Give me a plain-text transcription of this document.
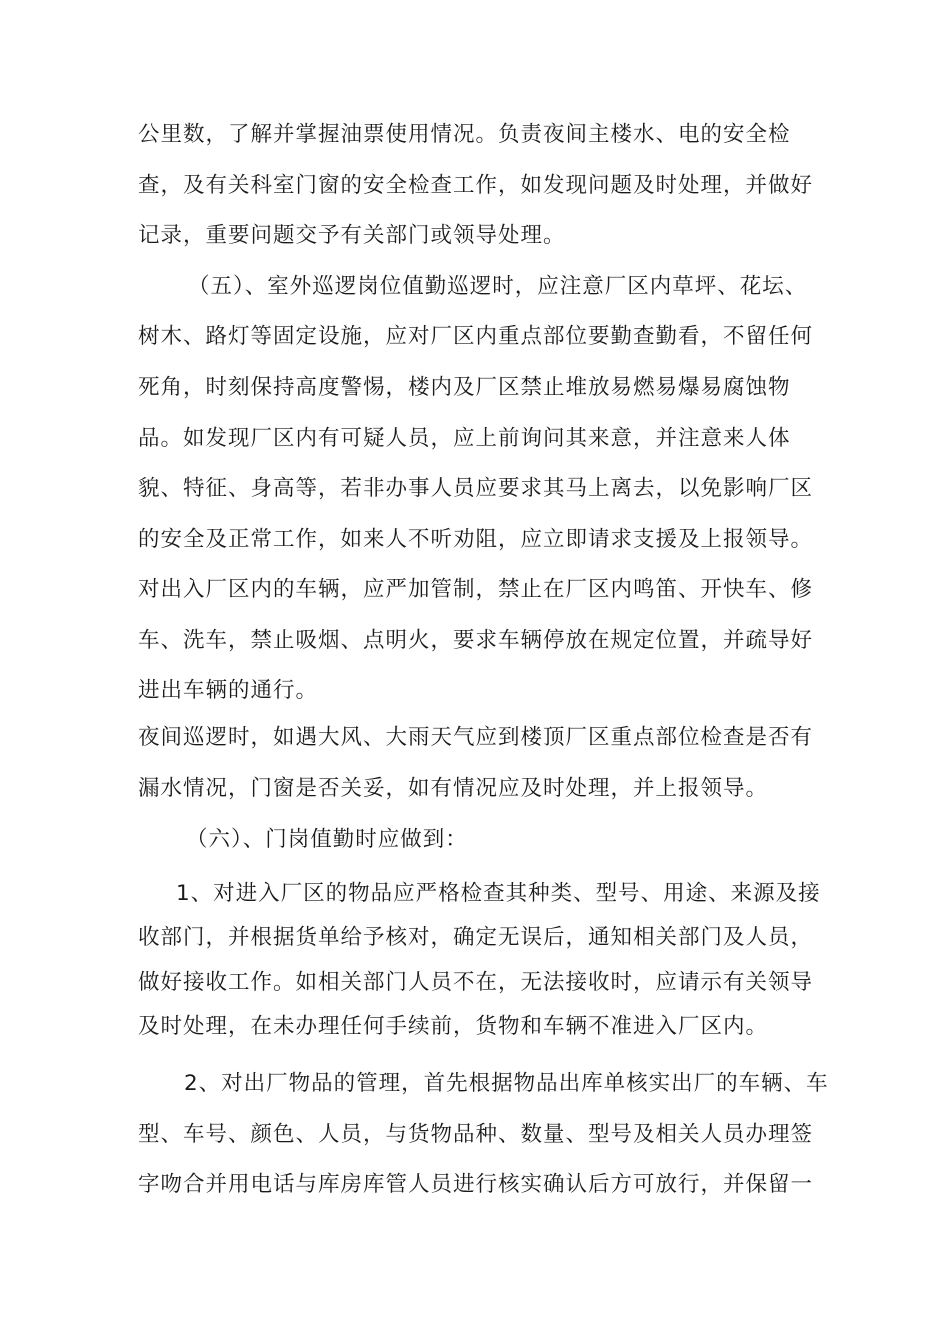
公里数，了解并掌握油票使用情况。负责夜间主楼水、电的安全检
查，及有关科室门窗的安全检查工作，如发现问题及时处理，并做好
记录，重要问题交予有关部门或领导处理。
（五）、室外巡逻岗位值勤巡逻时，应注意厂区内草坪、花坛、
树木、路灯等固定设施，应对厂区内重点部位要勤查勤看，不留任何
死角，时刻保持高度警惕，楼内及厂区禁止堆放易燃易爆易腐蚀物
品。如发现厂区内有可疑人员，应上前询问其来意，并注意来人体
貌、特征、身高等，若非办事人员应要求其马上离去，以免影响厂区
的安全及正常工作，如来人不听劝阻，应立即请求支援及上报领导。
对出入厂区内的车辆，应严加管制，禁止在厂区内鸣笛、开快车、修
车、洗车，禁止吸烟、点明火，要求车辆停放在规定位置，并疏导好
进出车辆的通行。
夜间巡逻时，如遇大风、大雨天气应到楼顶厂区重点部位检查是否有
漏水情况，门窗是否关妥，如有情况应及时处理，并上报领导。
（六）、门岗值勤时应做到：
1、对进入厂区的物品应严格检查其种类、型号、用途、来源及接
收部门，并根据货单给予核对，确定无误后，通知相关部门及人员，
做好接收工作。如相关部门人员不在，无法接收时，应请示有关领导
及时处理，在未办理任何手续前，货物和车辆不准进入厂区内。
2、对出厂物品的管理，首先根据物品出库单核实出厂的车辆、车
型、车号、颜色、人员，与货物品种、数量、型号及相关人员办理签
字吻合并用电话与库房库管人员进行核实确认后方可放行，并保留一
